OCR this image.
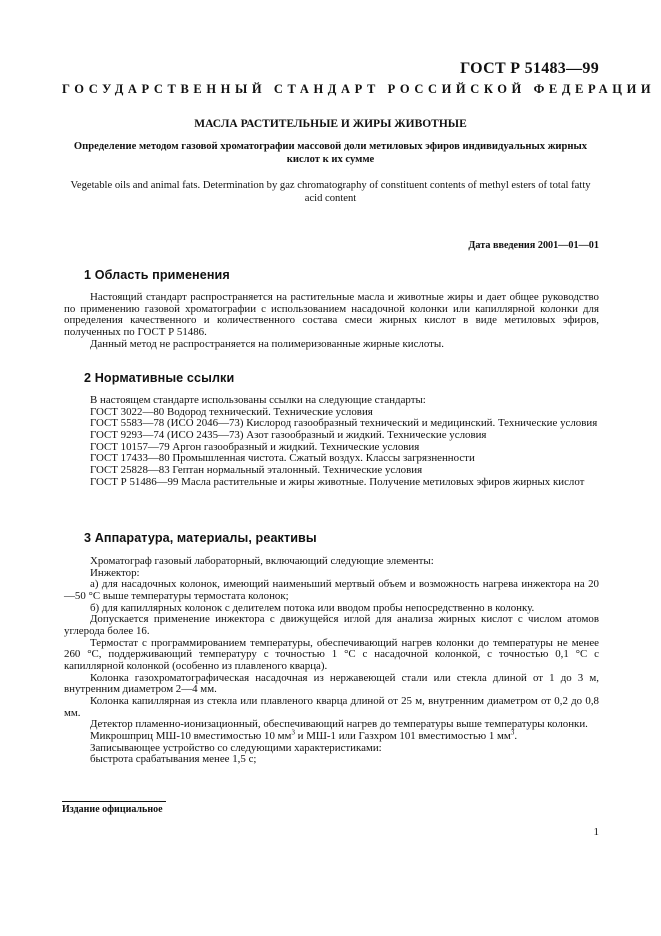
ГОСТ Р 51483—99
ГОСУДАРСТВЕННЫЙ СТАНДАРТ РОССИЙСКОЙ ФЕДЕРАЦИИ
МАСЛА РАСТИТЕЛЬНЫЕ И ЖИРЫ ЖИВОТНЫЕ
Определение методом газовой хроматографии массовой доли метиловых эфиров индивидуальных жирных кислот к их сумме
Vegetable oils and animal fats. Determination by gaz chromatography of constituent contents of methyl esters of total fatty acid content
Дата введения 2001—01—01
1 Область применения

Настоящий стандарт распространяется на растительные масла и животные жиры и дает общее руководство по применению газовой хроматографии с использованием насадочной колонки или капиллярной колонки для определения качественного и количественного состава смеси жирных кислот в виде метиловых эфиров, полученных по ГОСТ Р 51486.

Данный метод не распространяется на полимеризованные жирные кислоты.

2 Нормативные ссылки

В настоящем стандарте использованы ссылки на следующие стандарты:

ГОСТ 3022—80 Водород технический. Технические условия

ГОСТ 5583—78 (ИСО 2046—73) Кислород газообразный технический и медицинский. Технические условия

ГОСТ 9293—74 (ИСО 2435—73) Азот газообразный и жидкий. Технические условия

ГОСТ 10157—79 Аргон газообразный и жидкий. Технические условия

ГОСТ 17433—80 Промышленная чистота. Сжатый воздух. Классы загрязненности

ГОСТ 25828—83 Гептан нормальный эталонный. Технические условия

ГОСТ Р 51486—99 Масла растительные и жиры животные. Получение метиловых эфиров жирных кислот

3 Аппаратура, материалы, реактивы

Хроматограф газовый лабораторный, включающий следующие элементы:

Инжектор:

а) для насадочных колонок, имеющий наименьший мертвый объем и возможность нагрева инжектора на 20—50 °С выше температуры термостата колонок;

б) для капиллярных колонок с делителем потока или вводом пробы непосредственно в колонку.

Допускается применение инжектора с движущейся иглой для анализа жирных кислот с числом атомов углерода более 16.

Термостат с программированием температуры, обеспечивающий нагрев колонки до температуры не менее 260 °С, поддерживающий температуру с точностью 1 °С с насадочной колонкой, с точностью 0,1 °С с капиллярной колонкой (особенно из плавленого кварца).

Колонка газохроматографическая насадочная из нержавеющей стали или стекла длиной от 1 до 3 м, внутренним диаметром 2—4 мм.

Колонка капиллярная из стекла или плавленого кварца длиной от 25 м, внутренним диаметром от 0,2 до 0,8 мм.

Детектор пламенно-ионизационный, обеспечивающий нагрев до температуры выше температуры колонки.

Микрошприц МШ-10 вместимостью 10 $мм^3$ и МШ-1 или Газхром 101 вместимостью 1 $мм^3$.

Записывающее устройство со следующими характеристиками:

быстрота срабатывания менее 1,5 с;

Издание официальное
1
